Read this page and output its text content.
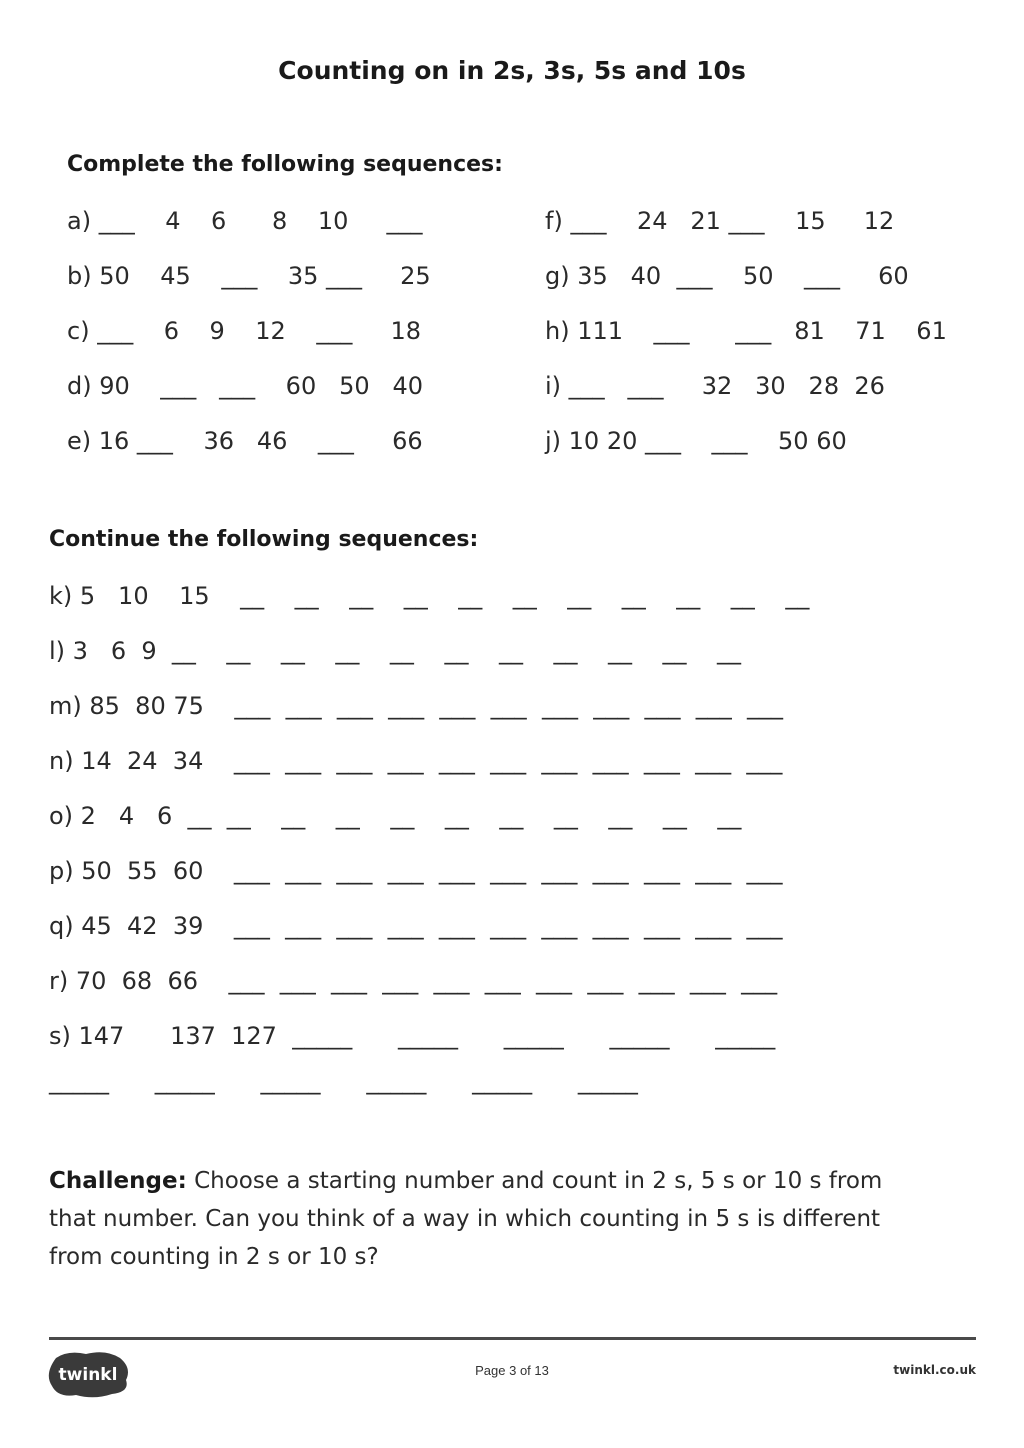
Counting on in 2s, 3s, 5s and 10s
Complete the following sequences:
a) ___    4    6      8    10     ___
b) 50    45    ___    35 ___     25
c) ___    6    9    12    ___     18
d) 90    ___   ___    60   50   40
e) 16 ___    36   46    ___     66
f) ___    24   21 ___    15     12
g) 35   40  ___    50    ___     60
h) 111    ___      ___   81    71    61
i) ___   ___     32   30   28  26
j) 10 20 ___    ___    50 60
Continue the following sequences:
k) 5   10    15    __    __    __    __    __    __    __    __    __    __    __
l) 3   6  9  __    __    __    __    __    __    __    __    __    __    __
m) 85  80 75    ___  ___  ___  ___  ___  ___  ___  ___  ___  ___  ___
n) 14  24  34    ___  ___  ___  ___  ___  ___  ___  ___  ___  ___  ___
o) 2   4   6  __  __    __    __    __    __    __    __    __    __    __
p) 50  55  60    ___  ___  ___  ___  ___  ___  ___  ___  ___  ___  ___
q) 45  42  39    ___  ___  ___  ___  ___  ___  ___  ___  ___  ___  ___
r) 70  68  66    ___  ___  ___  ___  ___  ___  ___  ___  ___  ___  ___
s) 147      137  127  _____      _____      _____      _____      _____
_____      _____      _____      _____      _____      _____
Challenge: Choose a starting number and count in 2 s, 5 s or 10 s from that number. Can you think of a way in which counting in 5 s is different from counting in 2 s or 10 s?
twinkl	Page 3 of 13	twinkl.co.uk
